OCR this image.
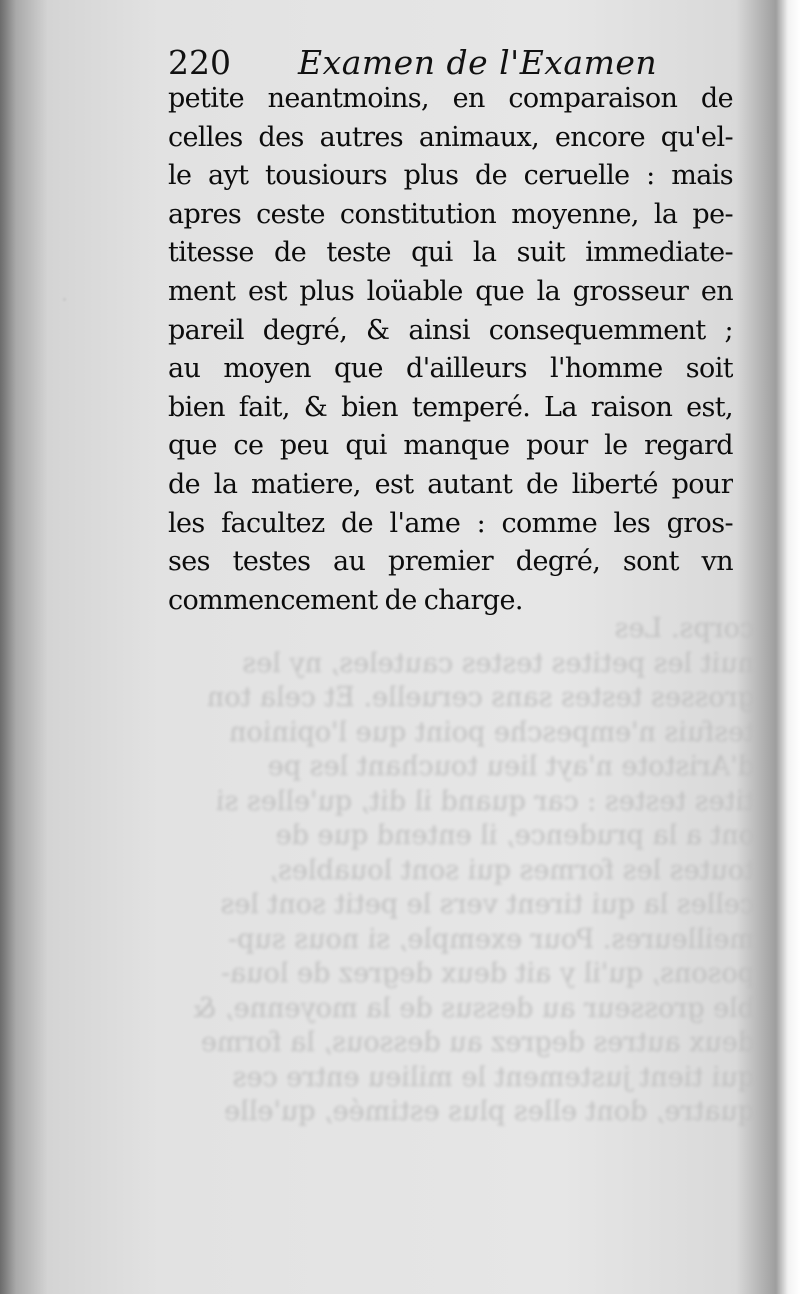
corps. Les
nuit les petites testes cauteles, ny les
grosses testes sans ceruelle. Et cela ton
tesfuis n'empesche point que l'opinion
d'Aristote n'ayt lieu touchant les pe
tites testes : car quand il dit, qu'elles si
ont a la prudence, il entend que de
toutes les formes qui sont louables,
celles la qui tirent vers le petit sont les
meilleures. Pour exemple, si nous sup-
posons, qu'il y ait deux degrez de loua-
ble grosseur au dessus de la moyenne, &
deux autres degrez au dessous, la forme
qui tient justement le milieu entre ces
quatre, dont elles plus estimée, qu'elle
·
220 Examen de l'Examen
petite neantmoins, en comparaison de
celles des autres animaux, encore qu'el-
le ayt tousiours plus de ceruelle : mais
apres ceste constitution moyenne, la pe-
titesse de teste qui la suit immediate-
ment est plus loüable que la grosseur en
pareil degré, & ainsi consequemment ;
au moyen que d'ailleurs l'homme soit
bien fait, & bien temperé. La raison est,
que ce peu qui manque pour le regard
de la matiere, est autant de liberté pour
les facultez de l'ame : comme les gros-
ses testes au premier degré, sont vn
commencement de charge.
